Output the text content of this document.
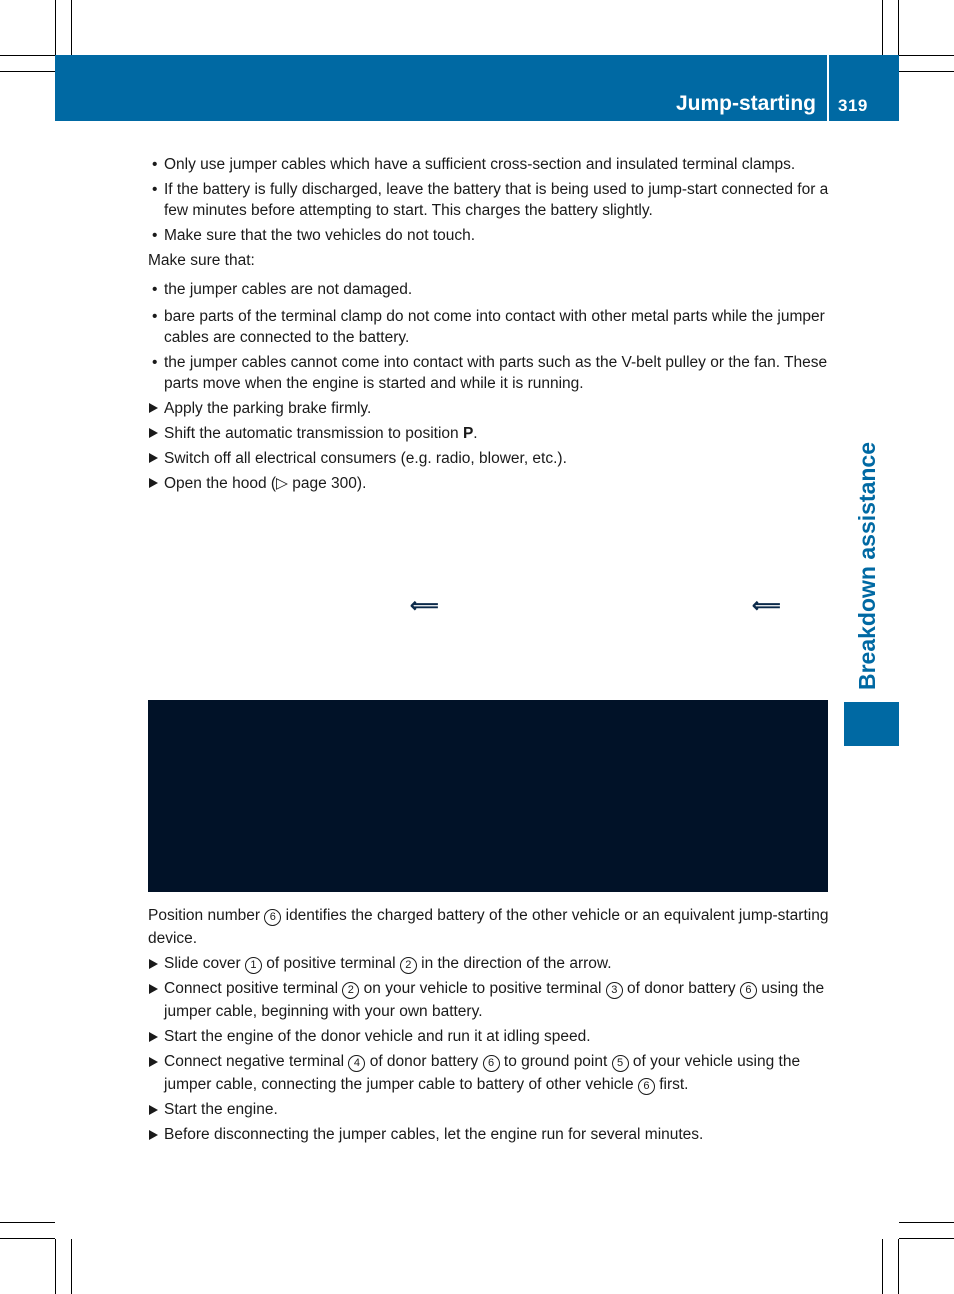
Jump-starting 319
Breakdown assistance
• Only use jumper cables which have a sufficient cross-section and insulated terminal clamps.
• If the battery is fully discharged, leave the battery that is being used to jump-start connected for a few minutes before attempting to start. This charges the battery slightly.
• Make sure that the two vehicles do not touch.
Make sure that:
• the jumper cables are not damaged.
• bare parts of the terminal clamp do not come into contact with other metal parts while the jumper cables are connected to the battery.
• the jumper cables cannot come into contact with parts such as the V-belt pulley or the fan. These parts move when the engine is started and while it is running.
Apply the parking brake firmly.
Shift the automatic transmission to position P.
Switch off all electrical consumers (e.g. radio, blower, etc.).
Open the hood (▷ page 300).
⟸	⟸
Position number 6 identifies the charged battery of the other vehicle or an equivalent jump-starting device.
Slide cover 1 of positive terminal 2 in the direction of the arrow.
Connect positive terminal 2 on your vehicle to positive terminal 3 of donor battery 6 using the jumper cable, beginning with your own battery.
Start the engine of the donor vehicle and run it at idling speed.
Connect negative terminal 4 of donor battery 6 to ground point 5 of your vehicle using the jumper cable, connecting the jumper cable to battery of other vehicle 6 first.
Start the engine.
Before disconnecting the jumper cables, let the engine run for several minutes.
